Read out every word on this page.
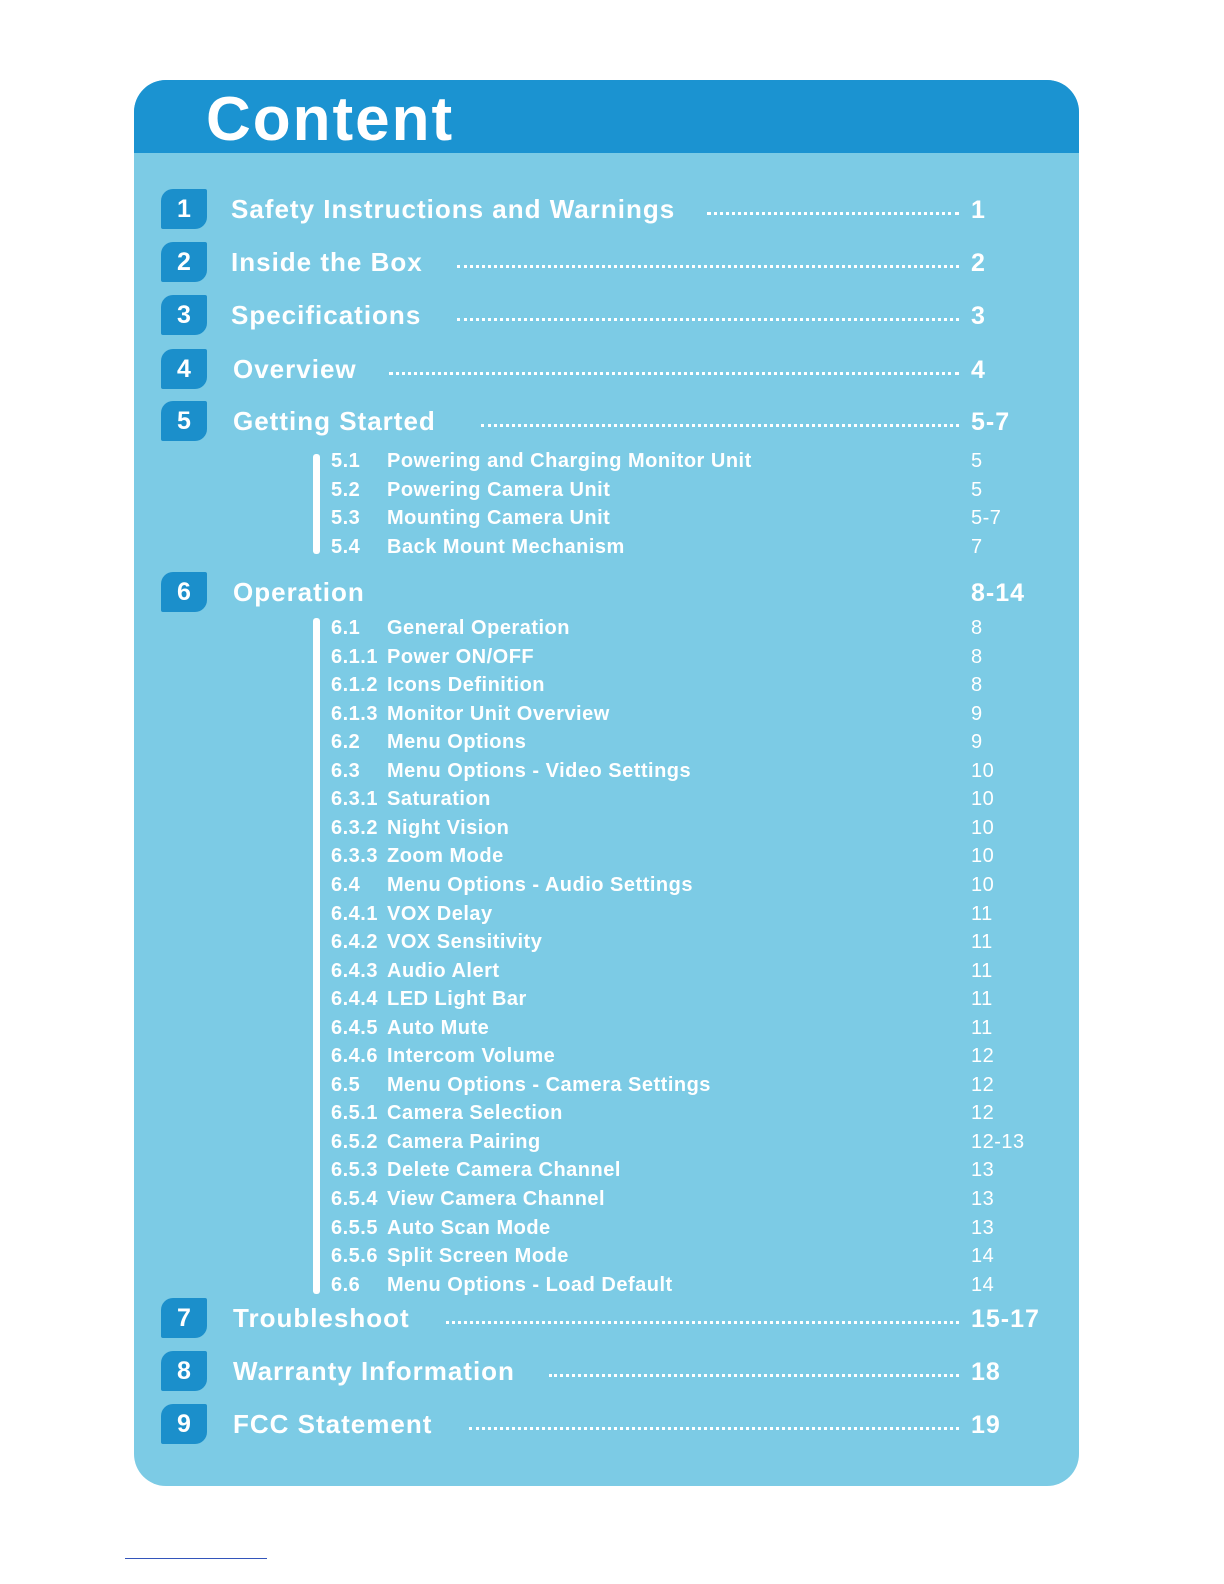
Content
1	Safety Instructions and Warnings	1
2	Inside the Box	2
3	Specifications	3
4	Overview	4
5	Getting Started	5-7
6	Operation	8-14
7	Troubleshoot	15-17
8	Warranty Information	18
9	FCC Statement	19
5.1 Powering and Charging Monitor Unit	5
5.2 Powering Camera Unit	5
5.3 Mounting Camera Unit	5-7
5.4 Back Mount Mechanism	7
6.1 General Operation	8
6.1.1 Power ON/OFF	8
6.1.2 Icons Definition	8
6.1.3 Monitor Unit Overview	9
6.2 Menu Options	9
6.3 Menu Options - Video Settings	10
6.3.1 Saturation	10
6.3.2 Night Vision	10
6.3.3 Zoom Mode	10
6.4 Menu Options - Audio Settings	10
6.4.1 VOX Delay	11
6.4.2 VOX Sensitivity	11
6.4.3 Audio Alert	11
6.4.4 LED Light Bar	11
6.4.5 Auto Mute	11
6.4.6 Intercom Volume	12
6.5 Menu Options - Camera Settings	12
6.5.1 Camera Selection	12
6.5.2 Camera Pairing	12-13
6.5.3 Delete Camera Channel	13
6.5.4 View Camera Channel	13
6.5.5 Auto Scan Mode	13
6.5.6 Split Screen Mode	14
6.6 Menu Options - Load Default	14
